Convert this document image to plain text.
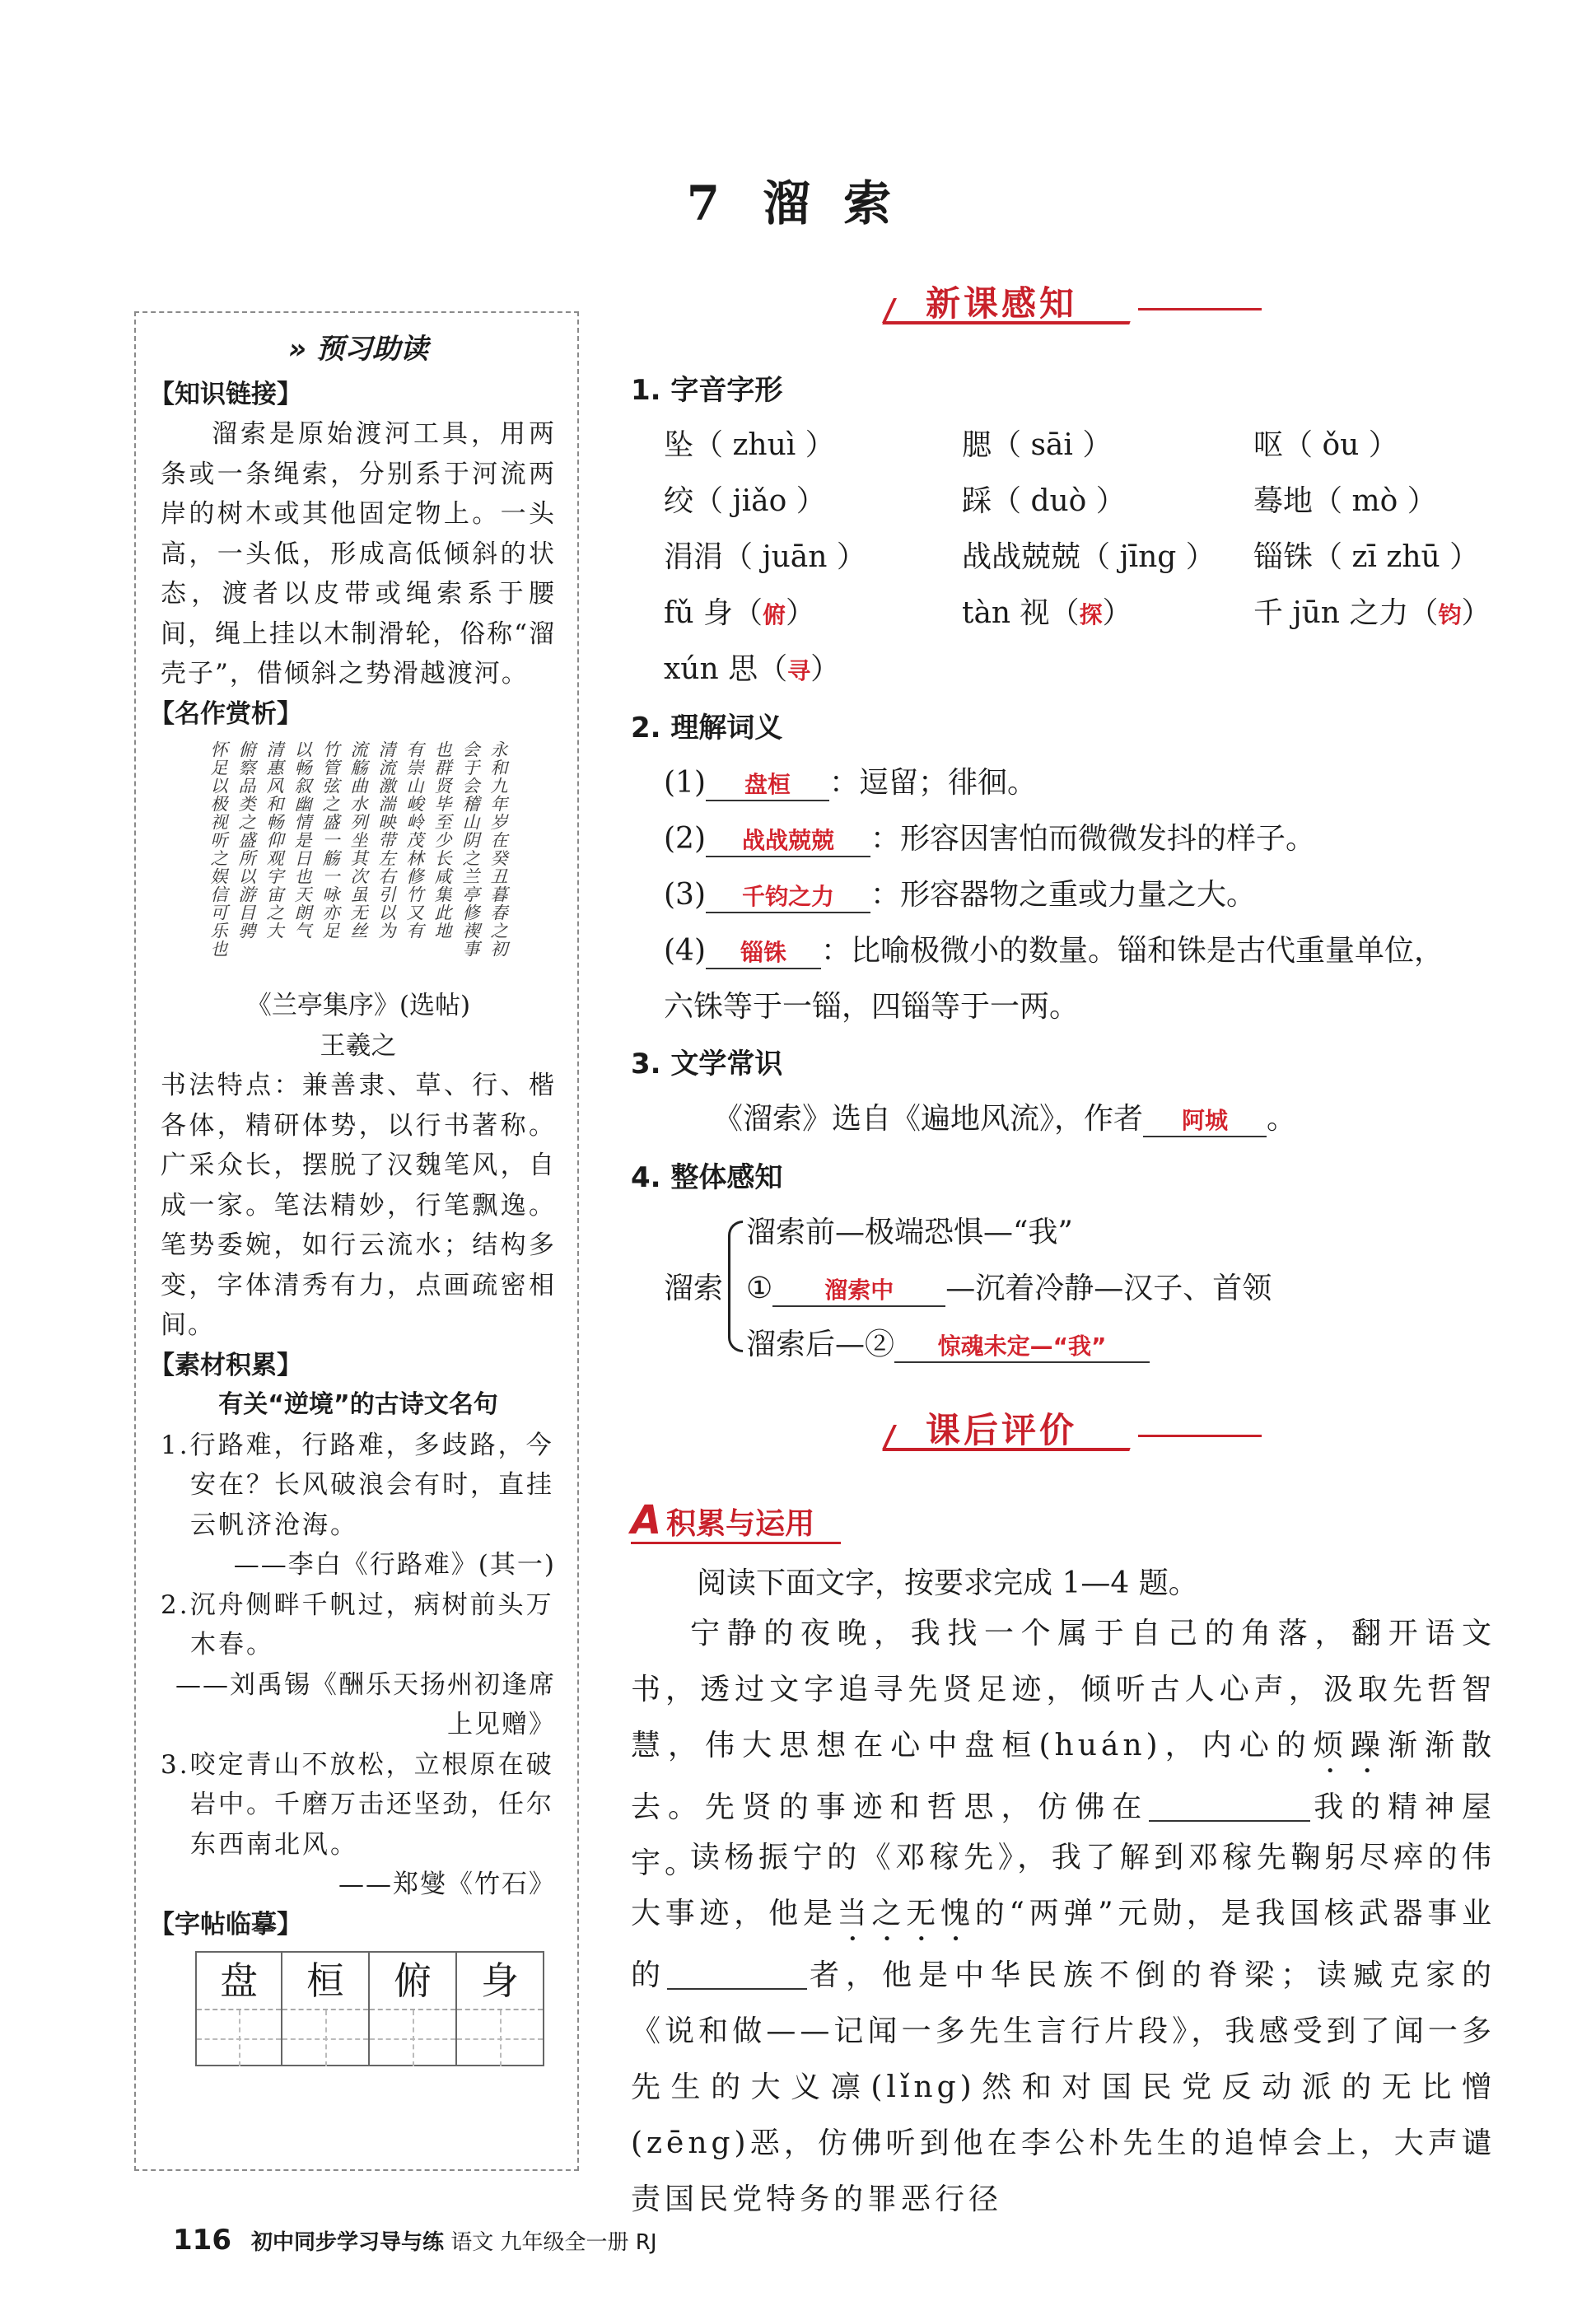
7 溜 索
» 预习助读
【知识链接】
溜索是原始渡河工具，用两条或一条绳索，分别系于河流两岸的树木或其他固定物上。一头高，一头低，形成高低倾斜的状态，渡者以皮带或绳索系于腰间，绳上挂以木制滑轮，俗称“溜壳子”，借倾斜之势滑越渡河。
【名作赏析】
永和九年岁在癸丑暮春之初
会于会稽山阴之兰亭修禊事
也群贤毕至少长咸集此地
有崇山峻岭茂林修竹又有
清流激湍映带左右引以为
流觞曲水列坐其次虽无丝
竹管弦之盛一觞一咏亦足
以畅叙幽情是日也天朗气
清惠风和畅仰观宇宙之大
俯察品类之盛所以游目骋
怀足以极视听之娱信可乐也
《兰亭集序》(选帖)
王羲之
书法特点：兼善隶、草、行、楷各体，精研体势，以行书著称。广采众长，摆脱了汉魏笔风，自成一家。笔法精妙，行笔飘逸。笔势委婉，如行云流水；结构多变，字体清秀有力，点画疏密相间。
【素材积累】
有关“逆境”的古诗文名句
1.行路难，行路难，多歧路，今安在？长风破浪会有时，直挂云帆济沧海。
——李白《行路难》(其一)
2.沉舟侧畔千帆过，病树前头万木春。
——刘禹锡《酬乐天扬州初逢席上见赠》
3.咬定青山不放松，立根原在破岩中。千磨万击还坚劲，任尔东西南北风。
——郑燮《竹石》
【字帖临摹】
盘	桓	俯	身
新课感知
1. 字音字形
坠（ zhuì ）	腮（ sāi ）	呕（ ǒu ）
绞（ jiǎo ）	踩（ duò ）	蓦地（ mò ）
涓涓（ juān ）	战战兢兢（ jīng ） 锱铢（ zī zhū ）
fǔ 身（俯）	tàn 视（探）	千 jūn 之力（钧）
xún 思（寻）
2. 理解词义
(1) 盘桓 ：逗留；徘徊。
(2) 战战兢兢 ：形容因害怕而微微发抖的样子。
(3) 千钧之力 ：形容器物之重或力量之大。
(4) 锱铢 ：比喻极微小的数量。锱和铢是古代重量单位，
六铢等于一锱，四锱等于一两。
3. 文学常识
《溜索》选自《遍地风流》，作者 阿城 。
4. 整体感知
溜索
溜索前—极端恐惧—“我”
① 溜索中 —沉着冷静—汉子、首领
溜索后—② 惊魂未定—“我”
课后评价
A 积累与运用
阅读下面文字，按要求完成 1—4 题。
宁静的夜晚，我找一个属于自己的角落，翻开语文书，透过文字追寻先贤足迹，倾听古人心声，汲取先哲智慧，伟大思想在心中盘桓(huán)，内心的烦躁渐渐散去。先贤的事迹和哲思，仿佛在	我的精神屋宇。
读杨振宁的《邓稼先》，我了解到邓稼先鞠躬尽瘁的伟大事迹，他是当之无愧的“两弹”元勋，是我国核武器事业的	者，他是中华民族不倒的脊梁；读臧克家的《说和做——记闻一多先生言行片段》，我感受到了闻一多先生的大义凛(lǐng)然和对国民党反动派的无比憎(zēng)恶，仿佛听到他在李公朴先生的追悼会上，大声谴责国民党特务的罪恶行径
116 初中同步学习导与练 语文 九年级全一册 RJ
